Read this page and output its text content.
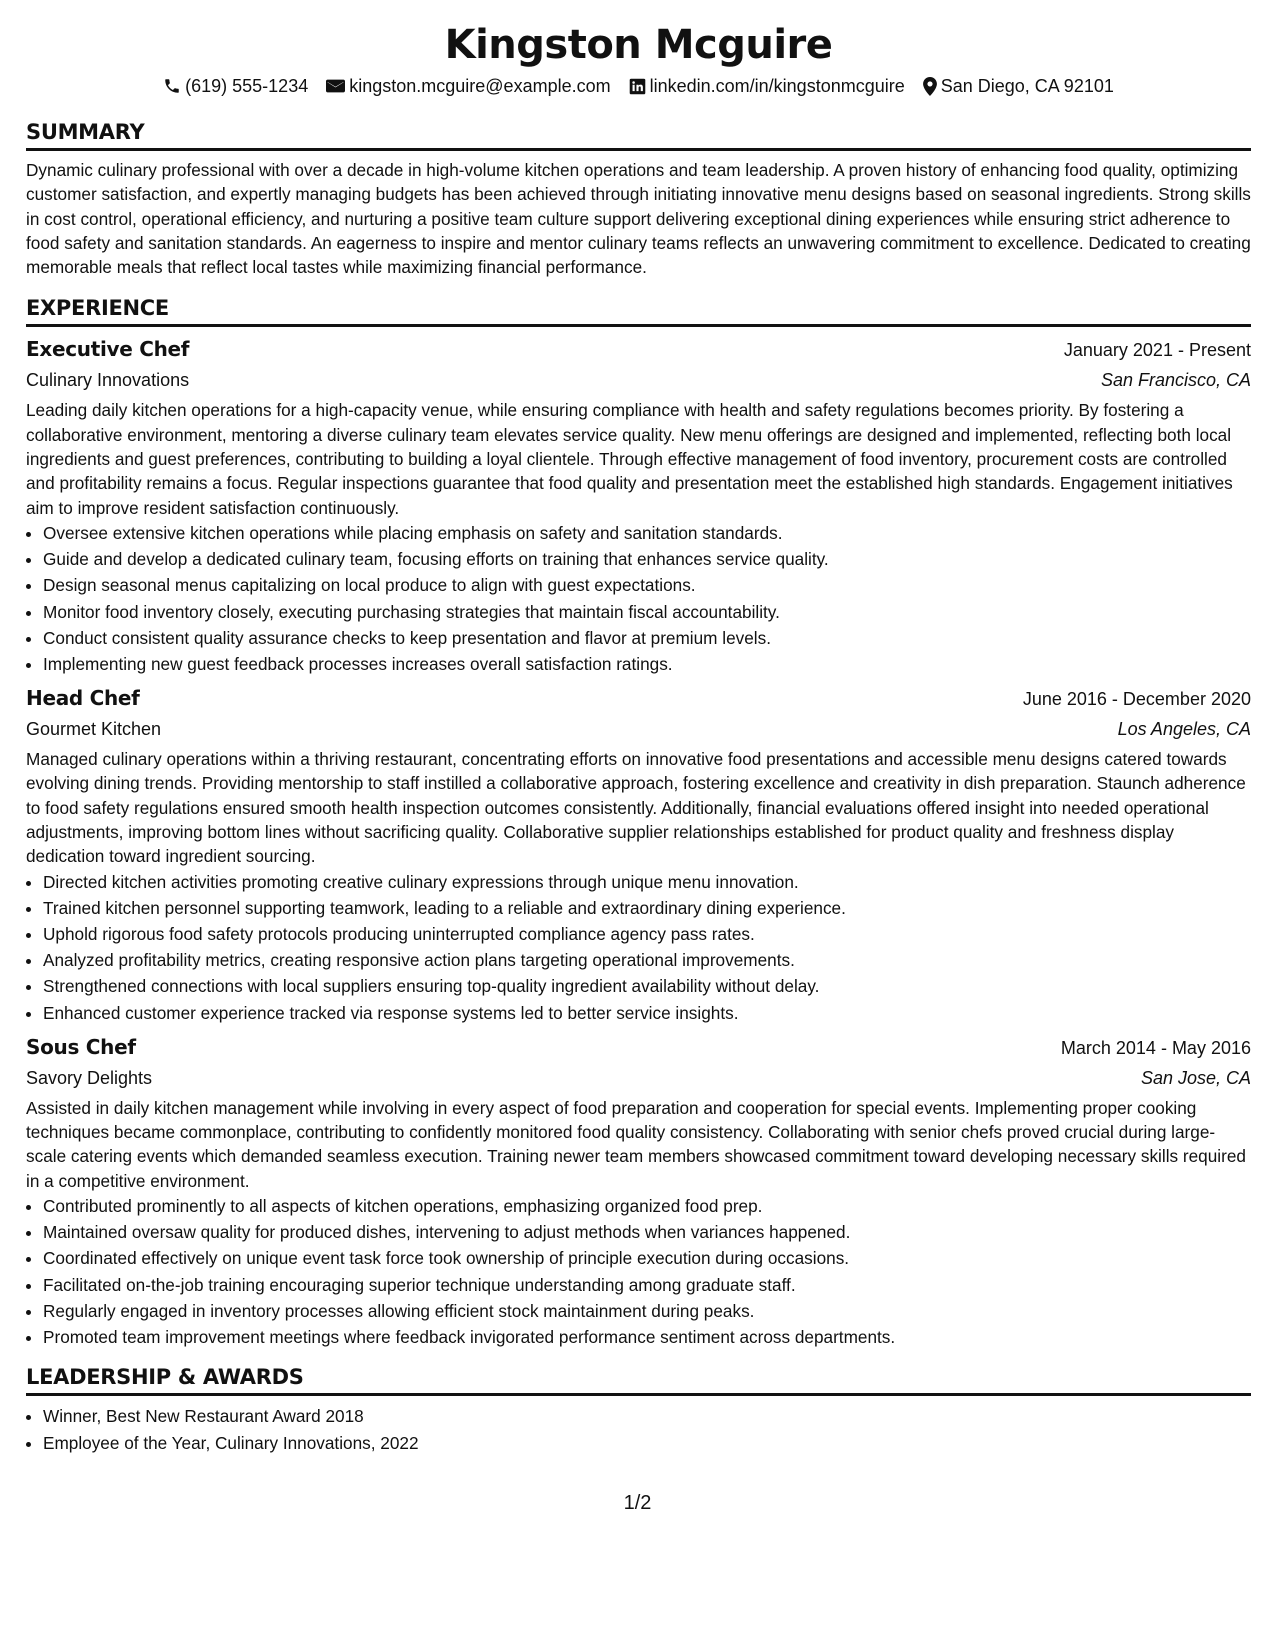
Kingston Mcguire
(619) 555-1234 kingston.mcguire@example.com linkedin.com/in/kingstonmcguire San Diego, CA 92101
SUMMARY

Dynamic culinary professional with over a decade in high-volume kitchen operations and team leadership. A proven history of enhancing food quality, optimizing customer satisfaction, and expertly managing budgets has been achieved through initiating innovative menu designs based on seasonal ingredients. Strong skills in cost control, operational efficiency, and nurturing a positive team culture support delivering exceptional dining experiences while ensuring strict adherence to food safety and sanitation standards. An eagerness to inspire and mentor culinary teams reflects an unwavering commitment to excellence. Dedicated to creating memorable meals that reflect local tastes while maximizing financial performance.

EXPERIENCE
Executive Chef	January 2021 - Present
Culinary Innovations	San Francisco, CA

Leading daily kitchen operations for a high-capacity venue, while ensuring compliance with health and safety regulations becomes priority. By fostering a collaborative environment, mentoring a diverse culinary team elevates service quality. New menu offerings are designed and implemented, reflecting both local ingredients and guest preferences, contributing to building a loyal clientele. Through effective management of food inventory, procurement costs are controlled and profitability remains a focus. Regular inspections guarantee that food quality and presentation meet the established high standards. Engagement initiatives aim to improve resident satisfaction continuously.

• Oversee extensive kitchen operations while placing emphasis on safety and sanitation standards.
• Guide and develop a dedicated culinary team, focusing efforts on training that enhances service quality.
• Design seasonal menus capitalizing on local produce to align with guest expectations.
• Monitor food inventory closely, executing purchasing strategies that maintain fiscal accountability.
• Conduct consistent quality assurance checks to keep presentation and flavor at premium levels.
• Implementing new guest feedback processes increases overall satisfaction ratings.
Head Chef	June 2016 - December 2020
Gourmet Kitchen	Los Angeles, CA

Managed culinary operations within a thriving restaurant, concentrating efforts on innovative food presentations and accessible menu designs catered towards evolving dining trends. Providing mentorship to staff instilled a collaborative approach, fostering excellence and creativity in dish preparation. Staunch adherence to food safety regulations ensured smooth health inspection outcomes consistently. Additionally, financial evaluations offered insight into needed operational adjustments, improving bottom lines without sacrificing quality. Collaborative supplier relationships established for product quality and freshness display dedication toward ingredient sourcing.

• Directed kitchen activities promoting creative culinary expressions through unique menu innovation.
• Trained kitchen personnel supporting teamwork, leading to a reliable and extraordinary dining experience.
• Uphold rigorous food safety protocols producing uninterrupted compliance agency pass rates.
• Analyzed profitability metrics, creating responsive action plans targeting operational improvements.
• Strengthened connections with local suppliers ensuring top-quality ingredient availability without delay.
• Enhanced customer experience tracked via response systems led to better service insights.
Sous Chef	March 2014 - May 2016
Savory Delights	San Jose, CA

Assisted in daily kitchen management while involving in every aspect of food preparation and cooperation for special events. Implementing proper cooking techniques became commonplace, contributing to confidently monitored food quality consistency. Collaborating with senior chefs proved crucial during large-scale catering events which demanded seamless execution. Training newer team members showcased commitment toward developing necessary skills required in a competitive environment.

• Contributed prominently to all aspects of kitchen operations, emphasizing organized food prep.
• Maintained oversaw quality for produced dishes, intervening to adjust methods when variances happened.
• Coordinated effectively on unique event task force took ownership of principle execution during occasions.
• Facilitated on-the-job training encouraging superior technique understanding among graduate staff.
• Regularly engaged in inventory processes allowing efficient stock maintainment during peaks.
• Promoted team improvement meetings where feedback invigorated performance sentiment across departments.
LEADERSHIP & AWARDS
• Winner, Best New Restaurant Award 2018
• Employee of the Year, Culinary Innovations, 2022
1/2
